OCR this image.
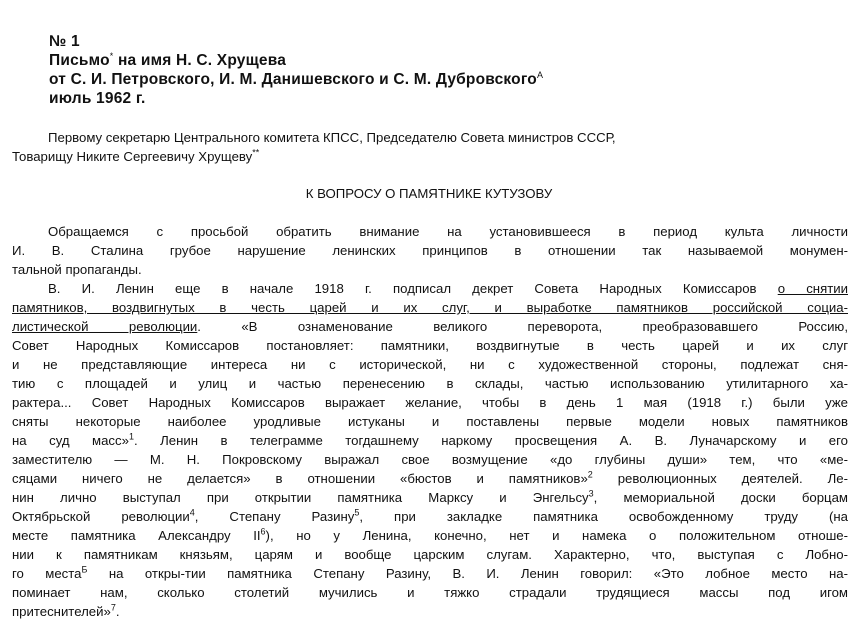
№ 1
Письмо* на имя Н. С. Хрущева
от С. И. Петровского, И. М. Данишевского и С. М. Дубровского$^А$
июль 1962 г.
Первому секретарю Центрального комитета КПСС, Председателю Совета министров СССР,
Товарищу Никите Сергеевичу Хрущеву**
К ВОПРОСУ О ПАМЯТНИКЕ КУТУЗОВУ
Обращаемся с просьбой обратить внимание на установившееся в период культа личности
И. В. Сталина грубое нарушение ленинских принципов в отношении так называемой монумен-
тальной пропаганды.
В. И. Ленин еще в начале 1918 г. подписал декрет Совета Народных Комиссаров о снятии
памятников, воздвигнутых в честь царей и их слуг, и выработке памятников российской социа-
листической революции. «В ознаменование великого переворота, преобразовавшего Россию,
Совет Народных Комиссаров постановляет: памятники, воздвигнутые в честь царей и их слуг
и не представляющие интереса ни с исторической, ни с художественной стороны, подлежат сня-
тию с площадей и улиц и частью перенесению в склады, частью использованию утилитарного ха-
рактера... Совет Народных Комиссаров выражает желание, чтобы в день 1 мая (1918 г.) были уже
сняты некоторые наиболее уродливые истуканы и поставлены первые модели новых памятников
на суд масс»$^1$. Ленин в телеграмме тогдашнему наркому просвещения А. В. Луначарскому и его
заместителю — М. Н. Покровскому выражал свое возмущение «до глубины души» тем, что «ме-
сяцами ничего не делается» в отношении «бюстов и памятников»$^2$ революционных деятелей. Ле-
нин лично выступал при открытии памятника Марксу и Энгельсу$^3$, мемориальной доски борцам
Октябрьской революции$^4$, Степану Разину$^5$, при закладке памятника освобожденному труду (на
месте памятника Александру $II^6$), но у Ленина, конечно, нет и намека о положительном отноше-
нии к памятникам князьям, царям и вообще царским слугам. Характерно, что, выступая с Лобно-
го места$^Б$ на откры-тии памятника Степану Разину, В. И. Ленин говорил: «Это лобное место на-
поминает нам, сколько столетий мучились и тяжко страдали трудящиеся массы под игом
притеснителей»$^7$.
